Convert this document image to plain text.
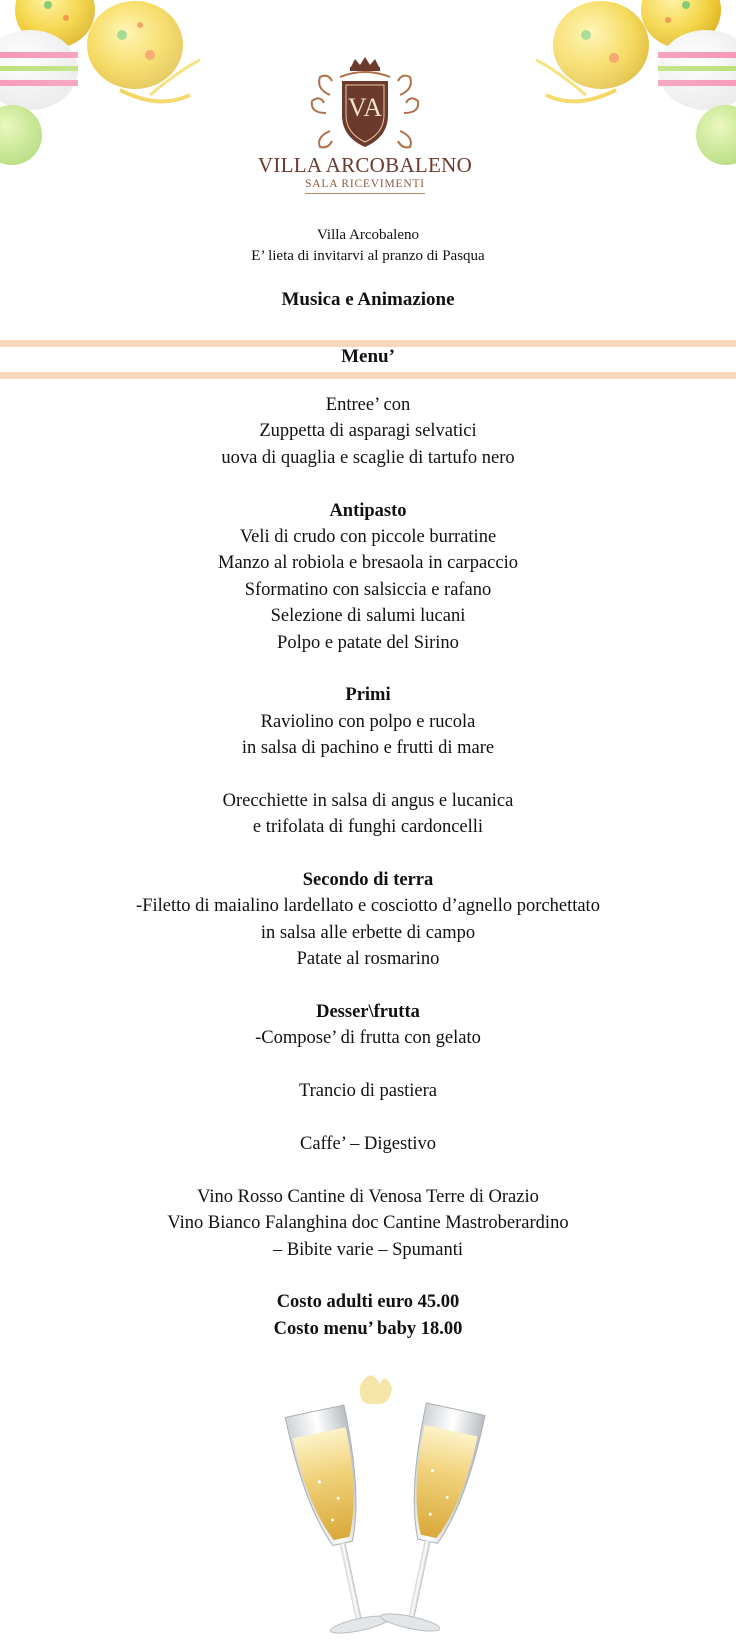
VA
VILLA ARCOBALENO
SALA RICEVIMENTI
Villa Arcobaleno
E’ lieta di invitarvi al pranzo di Pasqua
Musica e Animazione
Menu’
Entree’ con
Zuppetta di asparagi selvatici
uova di quaglia e scaglie di tartufo nero
Antipasto
Veli di crudo con piccole burratine
Manzo al robiola e bresaola in carpaccio
Sformatino con salsiccia e rafano
Selezione di salumi lucani
Polpo e patate del Sirino
Primi
Raviolino con polpo e rucola
in salsa di pachino e frutti di mare
Orecchiette in salsa di angus e lucanica
e trifolata di funghi cardoncelli
Secondo di terra
-Filetto di maialino lardellato e cosciotto d’agnello porchettato
in salsa alle erbette di campo
Patate al rosmarino
Desser\frutta
-Compose’ di frutta con gelato
Trancio di pastiera
Caffe’ – Digestivo
Vino Rosso Cantine di Venosa Terre di Orazio
Vino Bianco Falanghina doc Cantine Mastroberardino
– Bibite varie – Spumanti
Costo adulti euro 45.00
Costo menu’ baby 18.00
